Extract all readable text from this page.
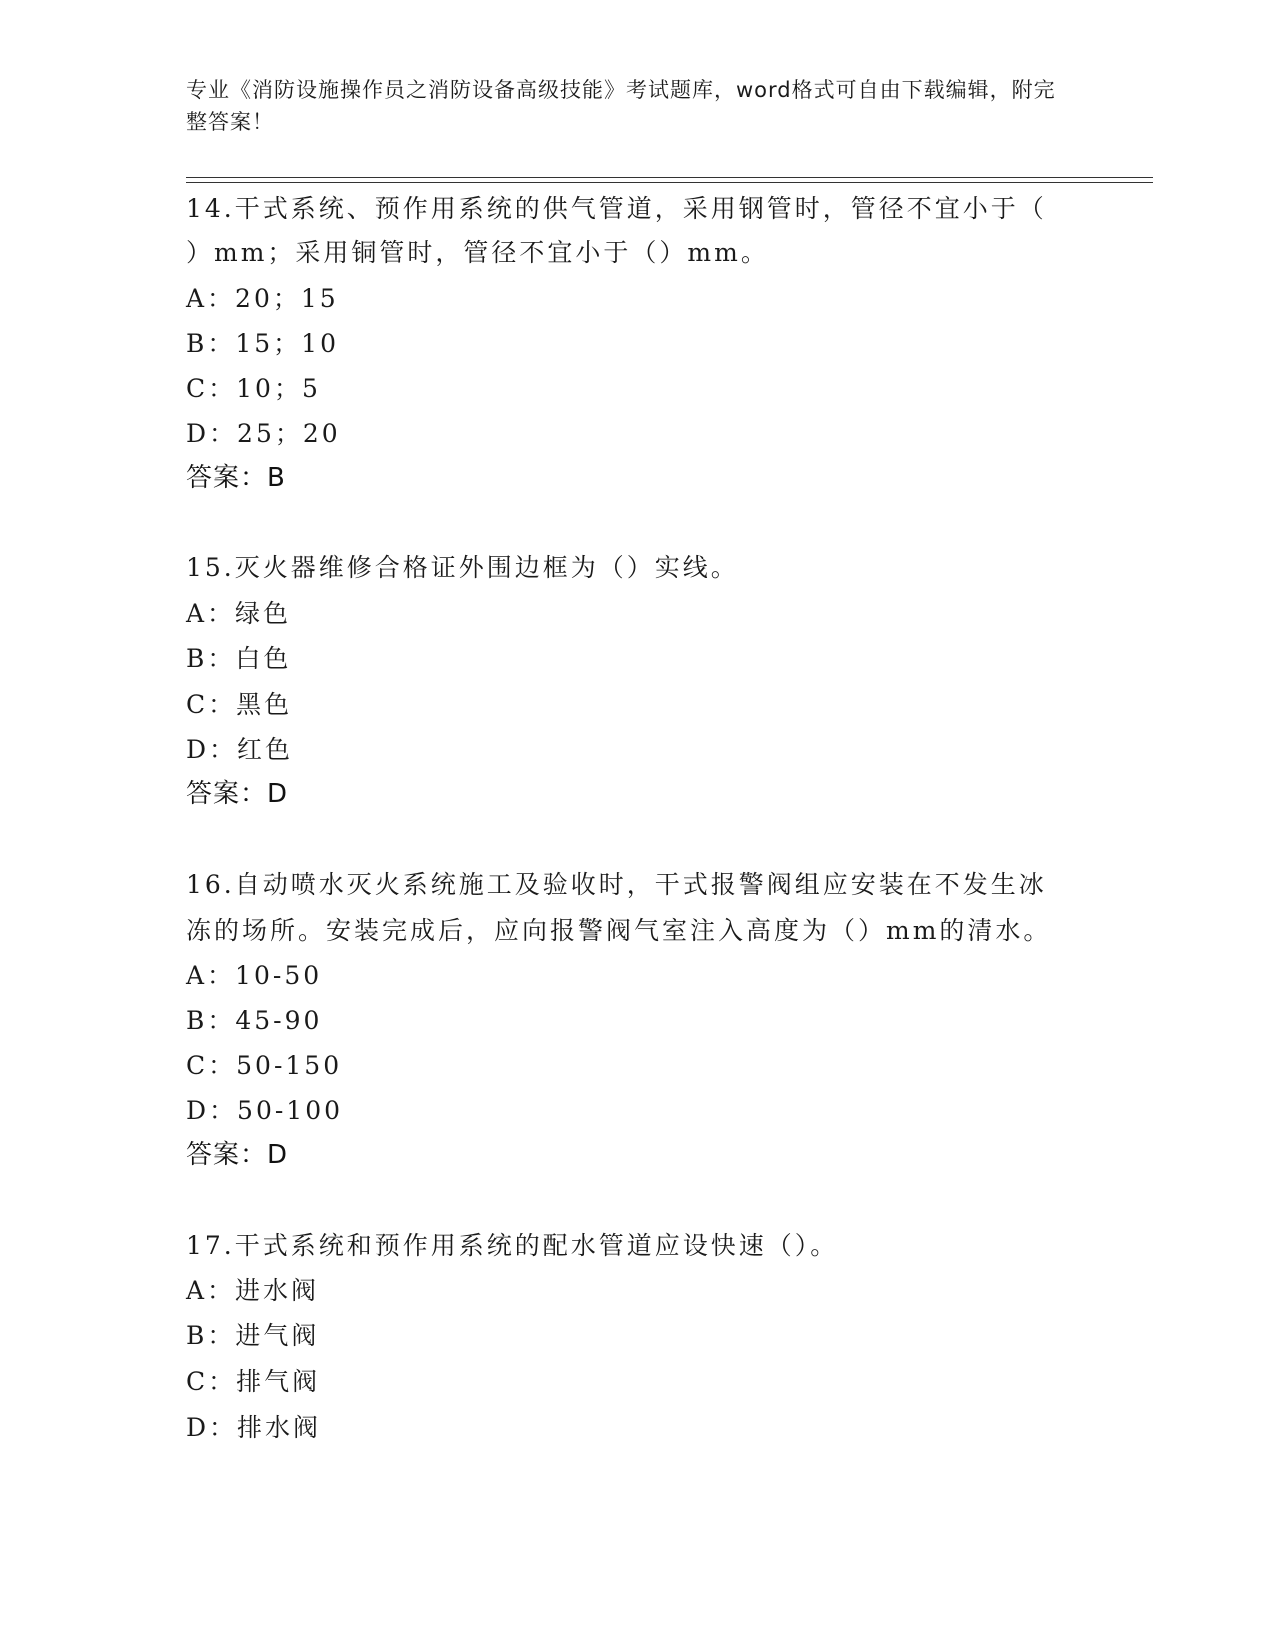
专业《消防设施操作员之消防设备高级技能》考试题库，word格式可自由下载编辑，附完整答案！
14.干式系统、预作用系统的供气管道，采用钢管时，管径不宜小于（
）mm；采用铜管时，管径不宜小于（）mm。
A：20；15
B：15；10
C：10；5
D：25；20
答案：B
15.灭火器维修合格证外围边框为（）实线。
A：绿色
B：白色
C：黑色
D：红色
答案：D
16.自动喷水灭火系统施工及验收时，干式报警阀组应安装在不发生冰
冻的场所。安装完成后，应向报警阀气室注入高度为（）mm的清水。
A：10-50
B：45-90
C：50-150
D：50-100
答案：D
17.干式系统和预作用系统的配水管道应设快速（）。
A：进水阀
B：进气阀
C：排气阀
D：排水阀
